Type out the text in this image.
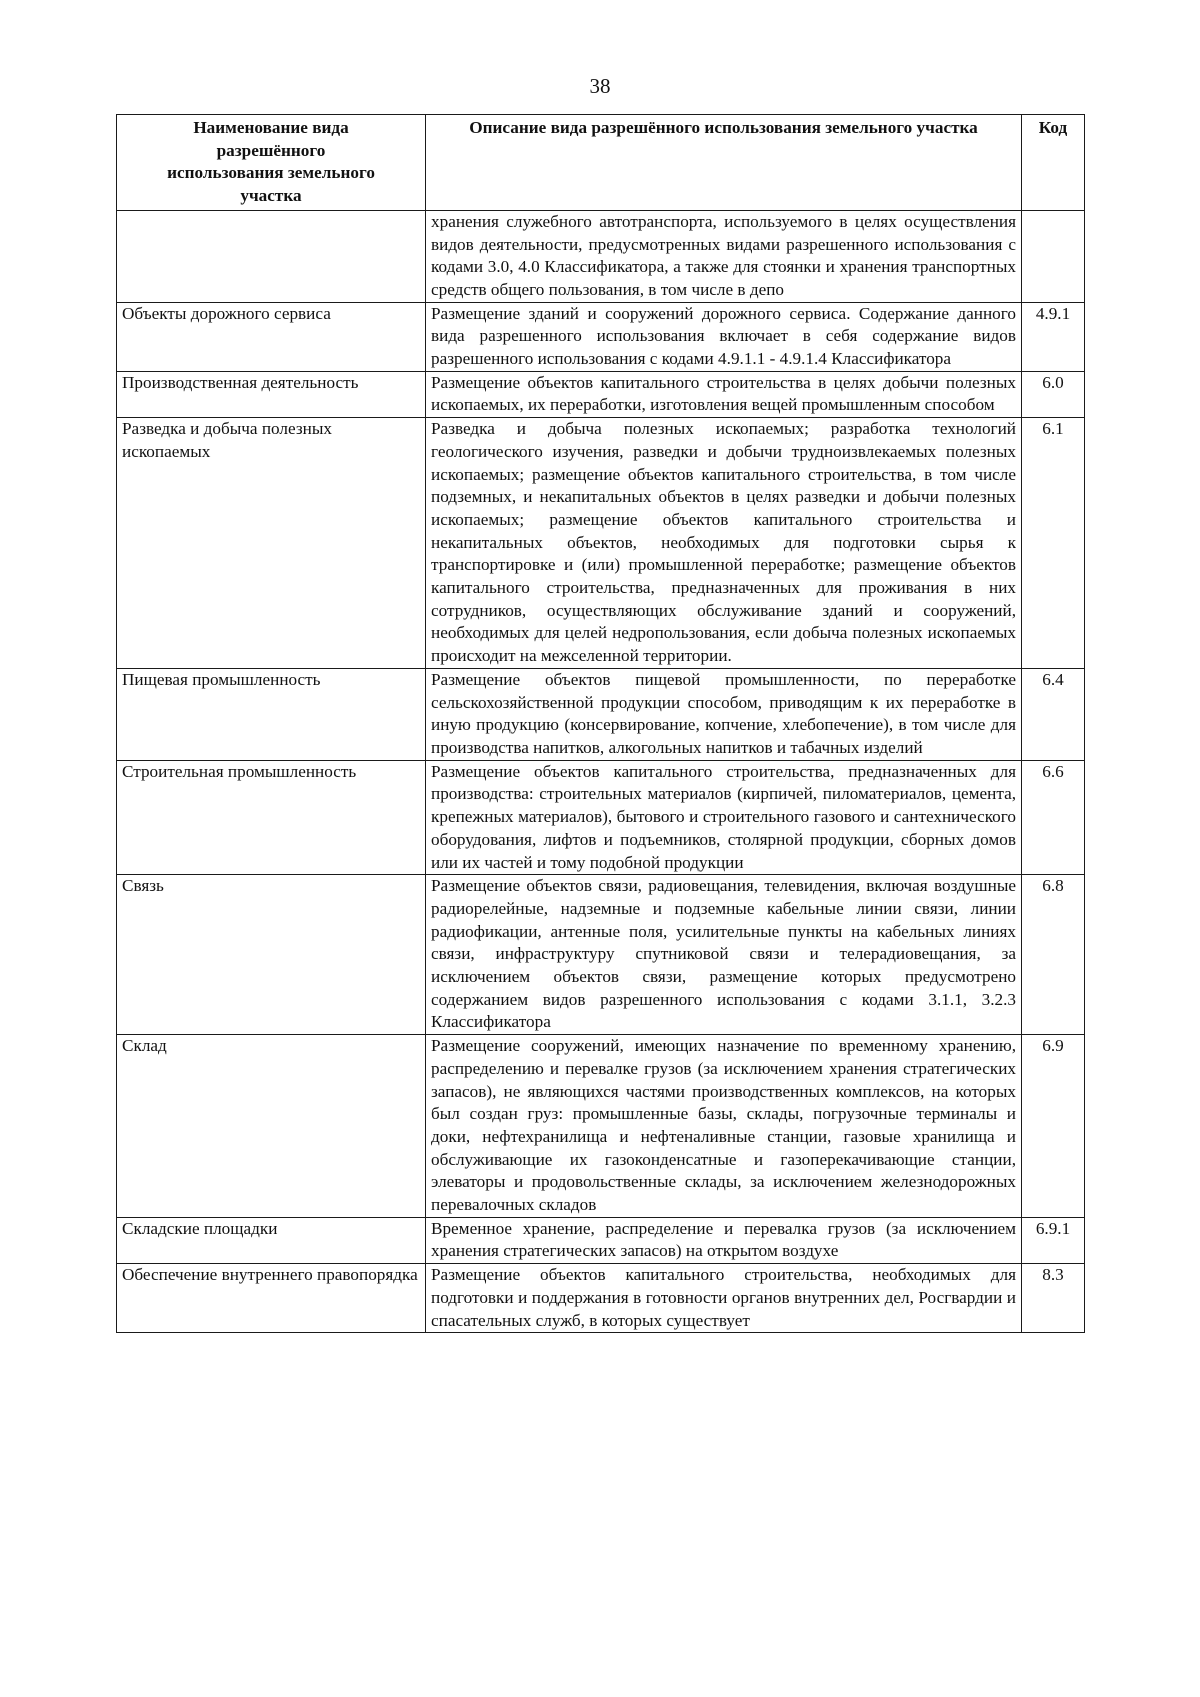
38
Наименование вида разрешённого использования земельного участка	Описание вида разрешённого использования земельного участка	Код
	хранения служебного автотранспорта, используемого в целях осуществления видов деятельности, предусмотренных видами разрешенного использования с кодами 3.0, 4.0 Классификатора, а также для стоянки и хранения транспортных средств общего пользования, в том числе в депо	
Объекты дорожного сервиса	Размещение зданий и сооружений дорожного сервиса. Содержание данного вида разрешенного использования включает в себя содержание видов разрешенного использования с кодами 4.9.1.1 - 4.9.1.4 Классификатора	4.9.1
Производственная деятельность	Размещение объектов капитального строительства в целях добычи полезных ископаемых, их переработки, изготовления вещей промышленным способом	6.0
Разведка и добыча полезных ископаемых	Разведка и добыча полезных ископаемых; разработка технологий геологического изучения, разведки и добычи трудноизвлекаемых полезных ископаемых; размещение объектов капитального строительства, в том числе подземных, и некапитальных объектов в целях разведки и добычи полезных ископаемых; размещение объектов капитального строительства и некапитальных объектов, необходимых для подготовки сырья к транспортировке и (или) промышленной переработке; размещение объектов капитального строительства, предназначенных для проживания в них сотрудников, осуществляющих обслуживание зданий и сооружений, необходимых для целей недропользования, если добыча полезных ископаемых происходит на межселенной территории.	6.1
Пищевая промышленность	Размещение объектов пищевой промышленности, по переработке сельскохозяйственной продукции способом, приводящим к их переработке в иную продукцию (консервирование, копчение, хлебопечение), в том числе для производства напитков, алкогольных напитков и табачных изделий	6.4
Строительная промышленность	Размещение объектов капитального строительства, предназначенных для производства: строительных материалов (кирпичей, пиломатериалов, цемента, крепежных материалов), бытового и строительного газового и сантехнического оборудования, лифтов и подъемников, столярной продукции, сборных домов или их частей и тому подобной продукции	6.6
Связь	Размещение объектов связи, радиовещания, телевидения, включая воздушные радиорелейные, надземные и подземные кабельные линии связи, линии радиофикации, антенные поля, усилительные пункты на кабельных линиях связи, инфраструктуру спутниковой связи и телерадиовещания, за исключением объектов связи, размещение которых предусмотрено содержанием видов разрешенного использования с кодами 3.1.1, 3.2.3 Классификатора	6.8
Склад	Размещение сооружений, имеющих назначение по временному хранению, распределению и перевалке грузов (за исключением хранения стратегических запасов), не являющихся частями производственных комплексов, на которых был создан груз: промышленные базы, склады, погрузочные терминалы и доки, нефтехранилища и нефтеналивные станции, газовые хранилища и обслуживающие их газоконденсатные и газоперекачивающие станции, элеваторы и продовольственные склады, за исключением железнодорожных перевалочных складов	6.9
Складские площадки	Временное хранение, распределение и перевалка грузов (за исключением хранения стратегических запасов) на открытом воздухе	6.9.1
Обеспечение внутреннего правопорядка	Размещение объектов капитального строительства, необходимых для подготовки и поддержания в готовности органов внутренних дел, Росгвардии и спасательных служб, в которых существует	8.3
